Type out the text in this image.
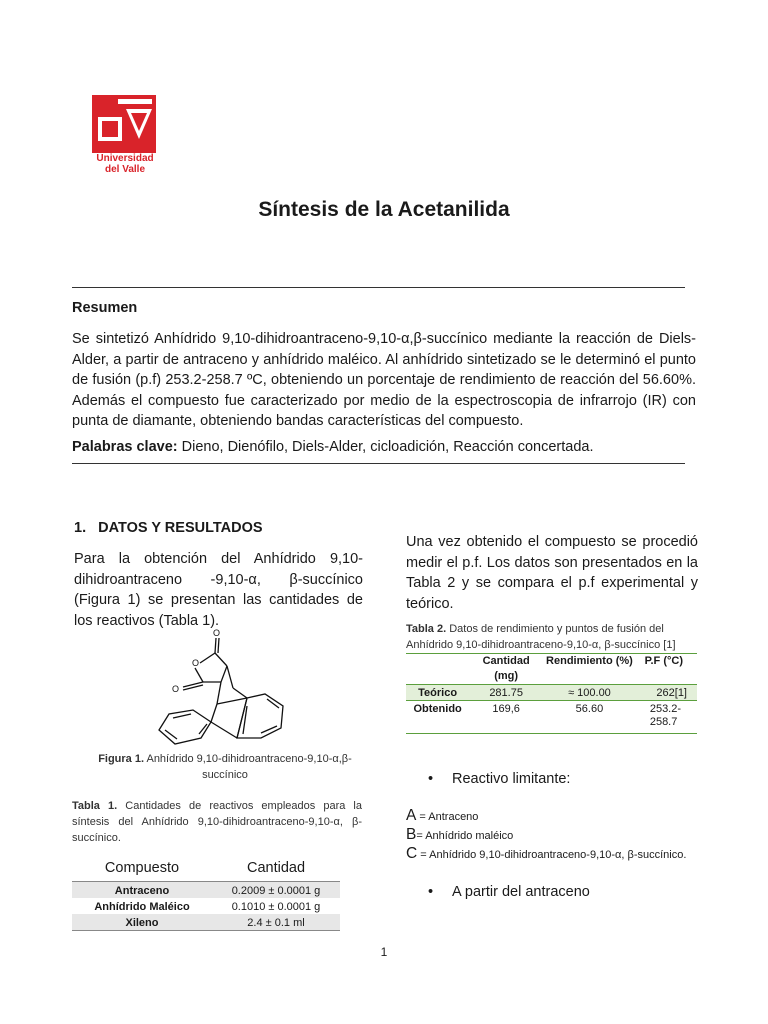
Universidad
del Valle
Síntesis de la Acetanilida
Resumen
Se sintetizó Anhídrido 9,10-dihidroantraceno-9,10-α,β-succínico mediante la reacción de Diels-Alder, a partir de antraceno y anhídrido maléico. Al anhídrido sintetizado se le determinó el punto de fusión (p.f) 253.2-258.7 ºC, obteniendo un porcentaje de rendimiento de reacción del 56.60%. Además el compuesto fue caracterizado por medio de la espectroscopia de infrarrojo (IR) con punta de diamante, obteniendo bandas características del compuesto.
Palabras clave: Dieno, Dienófilo, Diels-Alder, cicloadición, Reacción concertada.
1.   DATOS Y RESULTADOS
Para la obtención del Anhídrido 9,10-dihidroantraceno -9,10-α, β-succínico (Figura 1) se presentan las cantidades de los reactivos (Tabla 1).
O
O
O
Figura 1. Anhídrido 9,10-dihidroantraceno-9,10-α,β-succínico
Tabla 1. Cantidades de reactivos empleados para la síntesis del Anhídrido 9,10-dihidroantraceno-9,10-α, β-succínico.
Compuesto	Cantidad
Antraceno	0.2009 ± 0.0001 g
Anhídrido Maléico	0.1010 ± 0.0001 g
Xileno	2.4 ± 0.1 ml
Una vez obtenido el compuesto se procedió medir el p.f. Los datos son presentados en la Tabla 2 y se compara el p.f experimental y teórico.
Tabla 2. Datos de rendimiento y puntos de fusión del Anhídrido 9,10-dihidroantraceno-9,10-α, β-succínico [1]
	Cantidad (mg)	Rendimiento (%)	P.F (°C)
Teórico	281.75	≈ 100.00	262[1]
Obtenido	169,6	56.60	253.2-258.7
• Reactivo limitante:
A = Antraceno
B= Anhídrido maléico
C = Anhídrido 9,10-dihidroantraceno-9,10-α, β-succínico.
• A partir del antraceno
1
